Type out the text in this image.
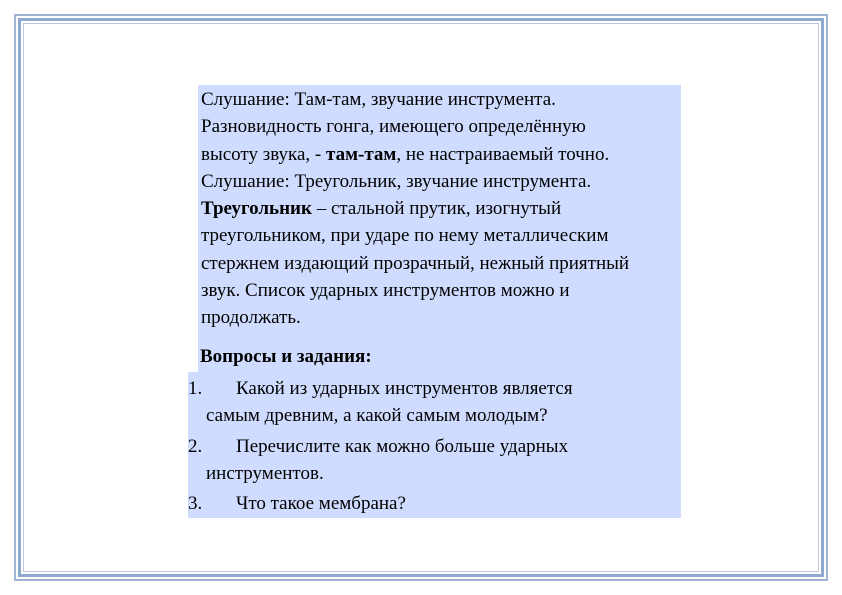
Слушание: Там-там, звучание инструмента.
Разновидность гонга, имеющего определённую
высоту звука, - там-там, не настраиваемый точно.
Слушание: Треугольник, звучание инструмента.
Треугольник – стальной прутик, изогнутый
треугольником, при ударе по нему металлическим
стержнем издающий прозрачный, нежный приятный
звук. Список ударных инструментов можно и
продолжать.

Вопросы и задания:

1. Какой из ударных инструментов является
самым древним, а какой самым молодым?
2. Перечислите как можно больше ударных
инструментов.
3. Что такое мембрана?
